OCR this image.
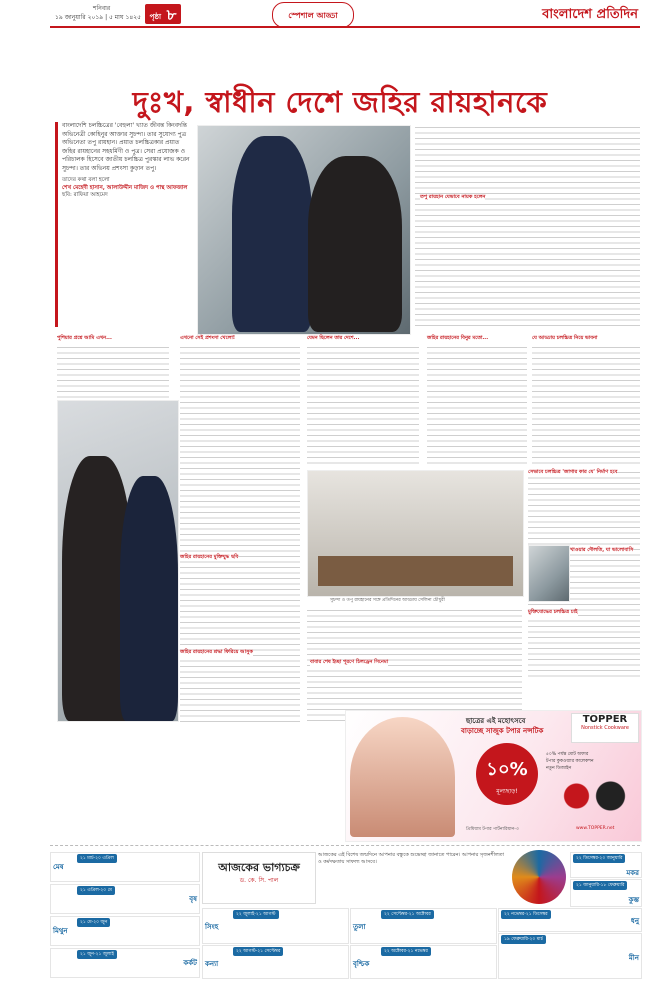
শনিবার
১৯ জানুয়ারি ২০১৯ | ৫ মাঘ ১৪২৫	পৃষ্ঠা ৮	স্পেশাল আড্ডা	বাংলাদেশ প্রতিদিন
দুঃখ, স্বাধীন দেশে জহির রায়হানকে
বাংলাদেশি চলচ্চিত্রের 'বেহুলা' খ্যাত জীবন্ত কিংবদন্তি অভিনেত্রী কোহিনুর আক্তার সুচন্দা। তার সুযোগ্য পুত্র অভিনেতা তপু রায়হান। প্রয়াত চলচ্চিত্রকার প্রয়াত জহির রায়হানের সহধর্মিণী ও পুত্র। সেরা প্রযোজক ও পরিচালক হিসেবে জাতীয় চলচ্চিত্র পুরস্কার লাভ করেন সুচন্দা। তার অভিনয় প্রশংসা কুড়ান তপু।
তাদের কথা বলা হলো
শেখ মেহেদী হাসান, আলাউদ্দীন মাজিদ ও পান্থ আফজাল
ছবি: রাফিয়া আহমেদ	তপু রায়হান যেভাবে নায়ক হলেন
পুশিয়ার প্রশ্নে আমি এখন...	এখনো সেই প্রশংসা খেলো!
জহির রায়হানের মুক্তিযুদ্ধ ছবি
জহির রায়হানের শ্রদ্ধা ফিরিয়ে আসুক
যেমন ছিলেন তার দেশে...	জহির রায়হানের বিনুর মতো...	যে আড্ডায় চলচ্চিত্র নিয়ে ভাবনা
সুচন্দা ও তপু রায়হানের সঙ্গে প্রতিদিনের আড্ডায় সেলিনা চৌধুরী
বাবার শেষ ইচ্ছা পূরণে চিলড্রেন সিনেমা
সেভাবে চলচ্চিত্র 'জাগার কার যে' নির্মাণ হবে
খাওয়ার দৌলতি, যা ভালোবাসি
মুক্তিযোদ্ধের চলচ্চিত্র চাই
ছাত্রের এই মহোৎসবে
বাড়াচ্ছে সাজুক টপার নন্সটিক
TOPPER
Nonstick Cookware
১০%
মূল্যছাড়!
৫০% পর্যন্ত মোট অফার
টপার কুকওয়্যার কালেকশন
নতুন ডিজাইন
প্রিমিয়াম টপার পার্টনারিয়ান-৩	www.TOPPER.net
মেষ
২১ মার্চ-২০ এপ্রিল
বৃষ
২১ এপ্রিল-২০ মে
মিথুন
২১ মে-২০ জুন
কর্কট
২১ জুন-২১ জুলাই
আজকের ভাগ্যচক্র
ড. কে. সি. পাল
আজকের এই বিশেষ জন্মদিনে আপনার বন্ধুকে শুভেচ্ছা জানাতে পারেন। আপনার সৃজনশীলতা ও কর্মদক্ষতায় সাফল্য আসবে।
সিংহ
২২ জুলাই-২১ আগস্ট
কন্যা
২২ আগস্ট-২১ সেপ্টেম্বর
তুলা
২২ সেপ্টেম্বর-২১ অক্টোবর
বৃশ্চিক
২২ অক্টোবর-২১ নভেম্বর
ধনু
২২ নভেম্বর-২১ ডিসেম্বর
মকর
২২ ডিসেম্বর-২০ জানুয়ারি
কুম্ভ
২১ জানুয়ারি-১৮ ফেব্রুয়ারি
মীন
১৯ ফেব্রুয়ারি-২০ মার্চ
